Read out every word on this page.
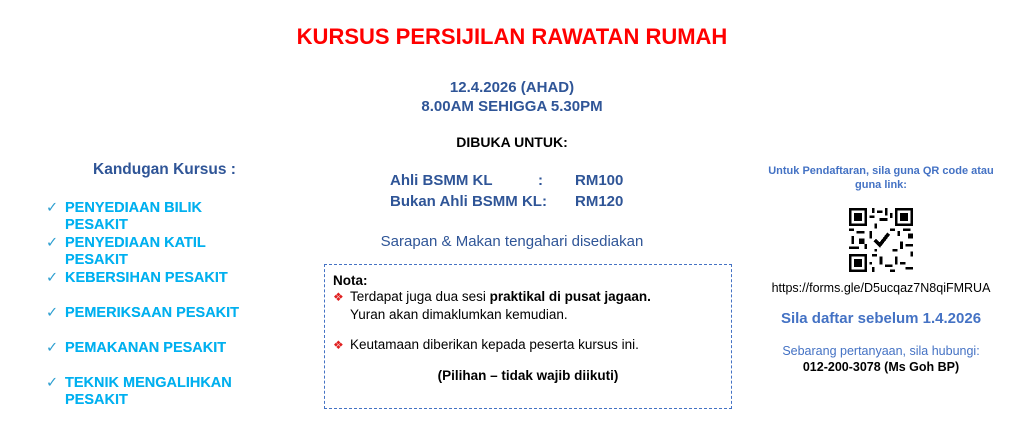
KURSUS PERSIJILAN RAWATAN RUMAH
12.4.2026 (AHAD)
8.00AM SEHIGGA 5.30PM
DIBUKA UNTUK:
Ahli BSMM KL           :	RM100
Bukan Ahli BSMM KL:	RM120
Sarapan & Makan tengahari disediakan
Nota:
❖ Terdapat juga dua sesi praktikal di pusat jagaan.
Yuran akan dimaklumkan kemudian.
❖ Keutamaan diberikan kepada peserta kursus ini.
(Pilihan – tidak wajib diikuti)
Kandugan Kursus :
✓ PENYEDIAAN BILIK PESAKIT
✓ PENYEDIAAN KATIL PESAKIT
✓ KEBERSIHAN PESAKIT
✓ PEMERIKSAAN PESAKIT
✓ PEMAKANAN PESAKIT
✓ TEKNIK MENGALIHKAN PESAKIT
Untuk Pendaftaran, sila guna QR code atau guna link:
https://forms.gle/D5ucqaz7N8qiFMRUA
Sila daftar sebelum 1.4.2026
Sebarang pertanyaan, sila hubungi:
012-200-3078 (Ms Goh BP)
